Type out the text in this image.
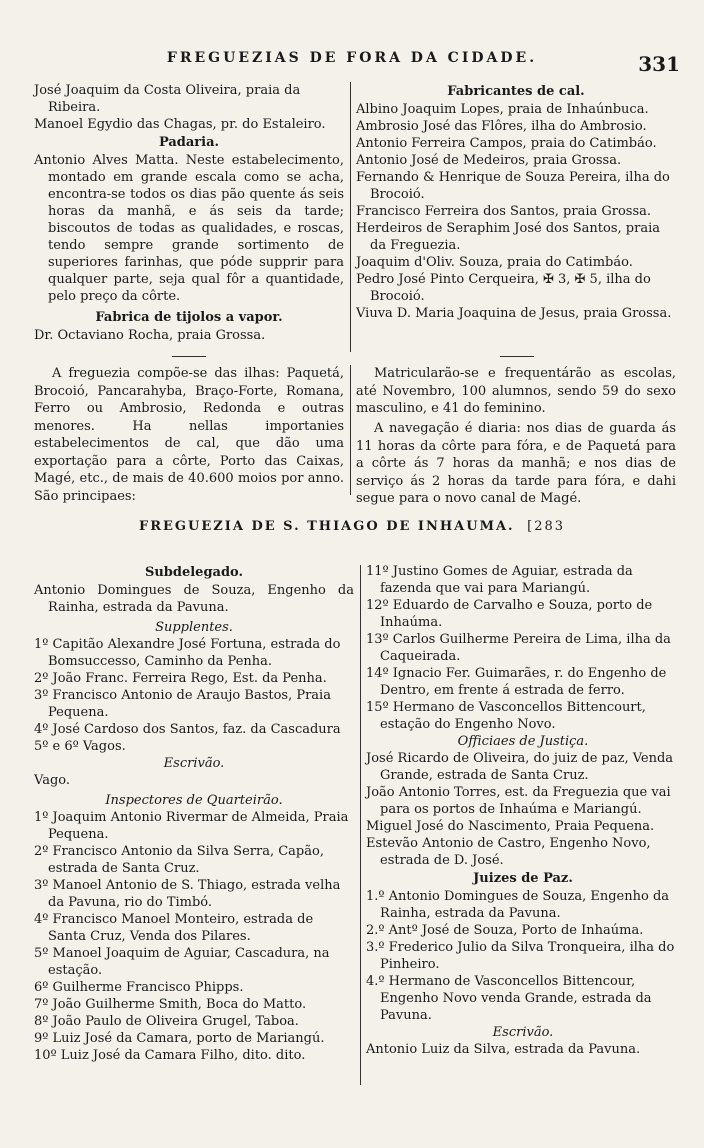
FREGUEZIAS DE FORA DA CIDADE.	331

José Joaquim da Costa Oliveira, praia da Ribeira.

Manoel Egydio das Chagas, pr. do Estaleiro.

Padaria.

Antonio Alves Matta. Neste estabelecimento, montado em grande escala como se acha, encontra-se todos os dias pão quente ás seis horas da manhã, e ás seis da tarde; biscoutos de todas as qualidades, e roscas, tendo sempre grande sortimento de superiores farinhas, que póde supprir para qualquer parte, seja qual fôr a quantidade, pelo preço da côrte.

Fabrica de tijolos a vapor.

Dr. Octaviano Rocha, praia Grossa.

Fabricantes de cal.

Albino Joaquim Lopes, praia de Inhaúnbuca.

Ambrosio José das Flôres, ilha do Ambrosio.

Antonio Ferreira Campos, praia do Catimbáo.

Antonio José de Medeiros, praia Grossa.

Fernando & Henrique de Souza Pereira, ilha do Brocoió.

Francisco Ferreira dos Santos, praia Grossa.

Herdeiros de Seraphim José dos Santos, praia da Freguezia.

Joaquim d'Oliv. Souza, praia do Catimbáo.

Pedro José Pinto Cerqueira, ✠ 3, ✠ 5, ilha do Brocoió.

Viuva D. Maria Joaquina de Jesus, praia Grossa.

A freguezia compõe-se das ilhas: Paquetá, Brocoió, Pancarahyba, Braço-Forte, Romana, Ferro ou Ambrosio, Redonda e outras menores. Ha nellas importanies estabelecimentos de cal, que dão uma exportação para a côrte, Porto das Caixas, Magé, etc., de mais de 40.600 moios por anno. São principaes:
Matricularão-se e frequentárão as escolas, até Novembro, 100 alumnos, sendo 59 do sexo masculino, e 41 do feminino.
A navegação é diaria: nos dias de guarda ás 11 horas da côrte para fóra, e de Paquetá para a côrte ás 7 horas da manhã; e nos dias de serviço ás 2 horas da tarde para fóra, e dahi segue para o novo canal de Magé.
FREGUEZIA DE S. THIAGO DE INHAUMA. [283

Subdelegado.

Antonio Domingues de Souza, Engenho da Rainha, estrada da Pavuna.

Supplentes.

1º Capitão Alexandre José Fortuna, estrada do Bomsuccesso, Caminho da Penha.

2º João Franc. Ferreira Rego, Est. da Penha.

3º Francisco Antonio de Araujo Bastos, Praia Pequena.

4º José Cardoso dos Santos, faz. da Cascadura

5º e 6º Vagos.

Escrivão.

Vago.

Inspectores de Quarteirão.

1º Joaquim Antonio Rivermar de Almeida, Praia Pequena.

2º Francisco Antonio da Silva Serra, Capão, estrada de Santa Cruz.

3º Manoel Antonio de S. Thiago, estrada velha da Pavuna, rio do Timbó.

4º Francisco Manoel Monteiro, estrada de Santa Cruz, Venda dos Pilares.

5º Manoel Joaquim de Aguiar, Cascadura, na estação.

6º Guilherme Francisco Phipps.

7º João Guilherme Smith, Boca do Matto.

8º João Paulo de Oliveira Grugel, Taboa.

9º Luiz José da Camara, porto de Mariangú.

10º Luiz José da Camara Filho, dito. dito.

11º Justino Gomes de Aguiar, estrada da fazenda que vai para Mariangú.

12º Eduardo de Carvalho e Souza, porto de Inhaúma.

13º Carlos Guilherme Pereira de Lima, ilha da Caqueirada.

14º Ignacio Fer. Guimarães, r. do Engenho de Dentro, em frente á estrada de ferro.

15º Hermano de Vasconcellos Bittencourt, estação do Engenho Novo.

Officiaes de Justiça.

José Ricardo de Oliveira, do juiz de paz, Venda Grande, estrada de Santa Cruz.

João Antonio Torres, est. da Freguezia que vai para os portos de Inhaúma e Mariangú.

Miguel José do Nascimento, Praia Pequena.

Estevão Antonio de Castro, Engenho Novo, estrada de D. José.

Juizes de Paz.

1.º Antonio Domingues de Souza, Engenho da Rainha, estrada da Pavuna.

2.º Antº José de Souza, Porto de Inhaúma.

3.º Frederico Julio da Silva Tronqueira, ilha do Pinheiro.

4.º Hermano de Vasconcellos Bittencour, Engenho Novo venda Grande, estrada da Pavuna.

Escrivão.

Antonio Luiz da Silva, estrada da Pavuna.
